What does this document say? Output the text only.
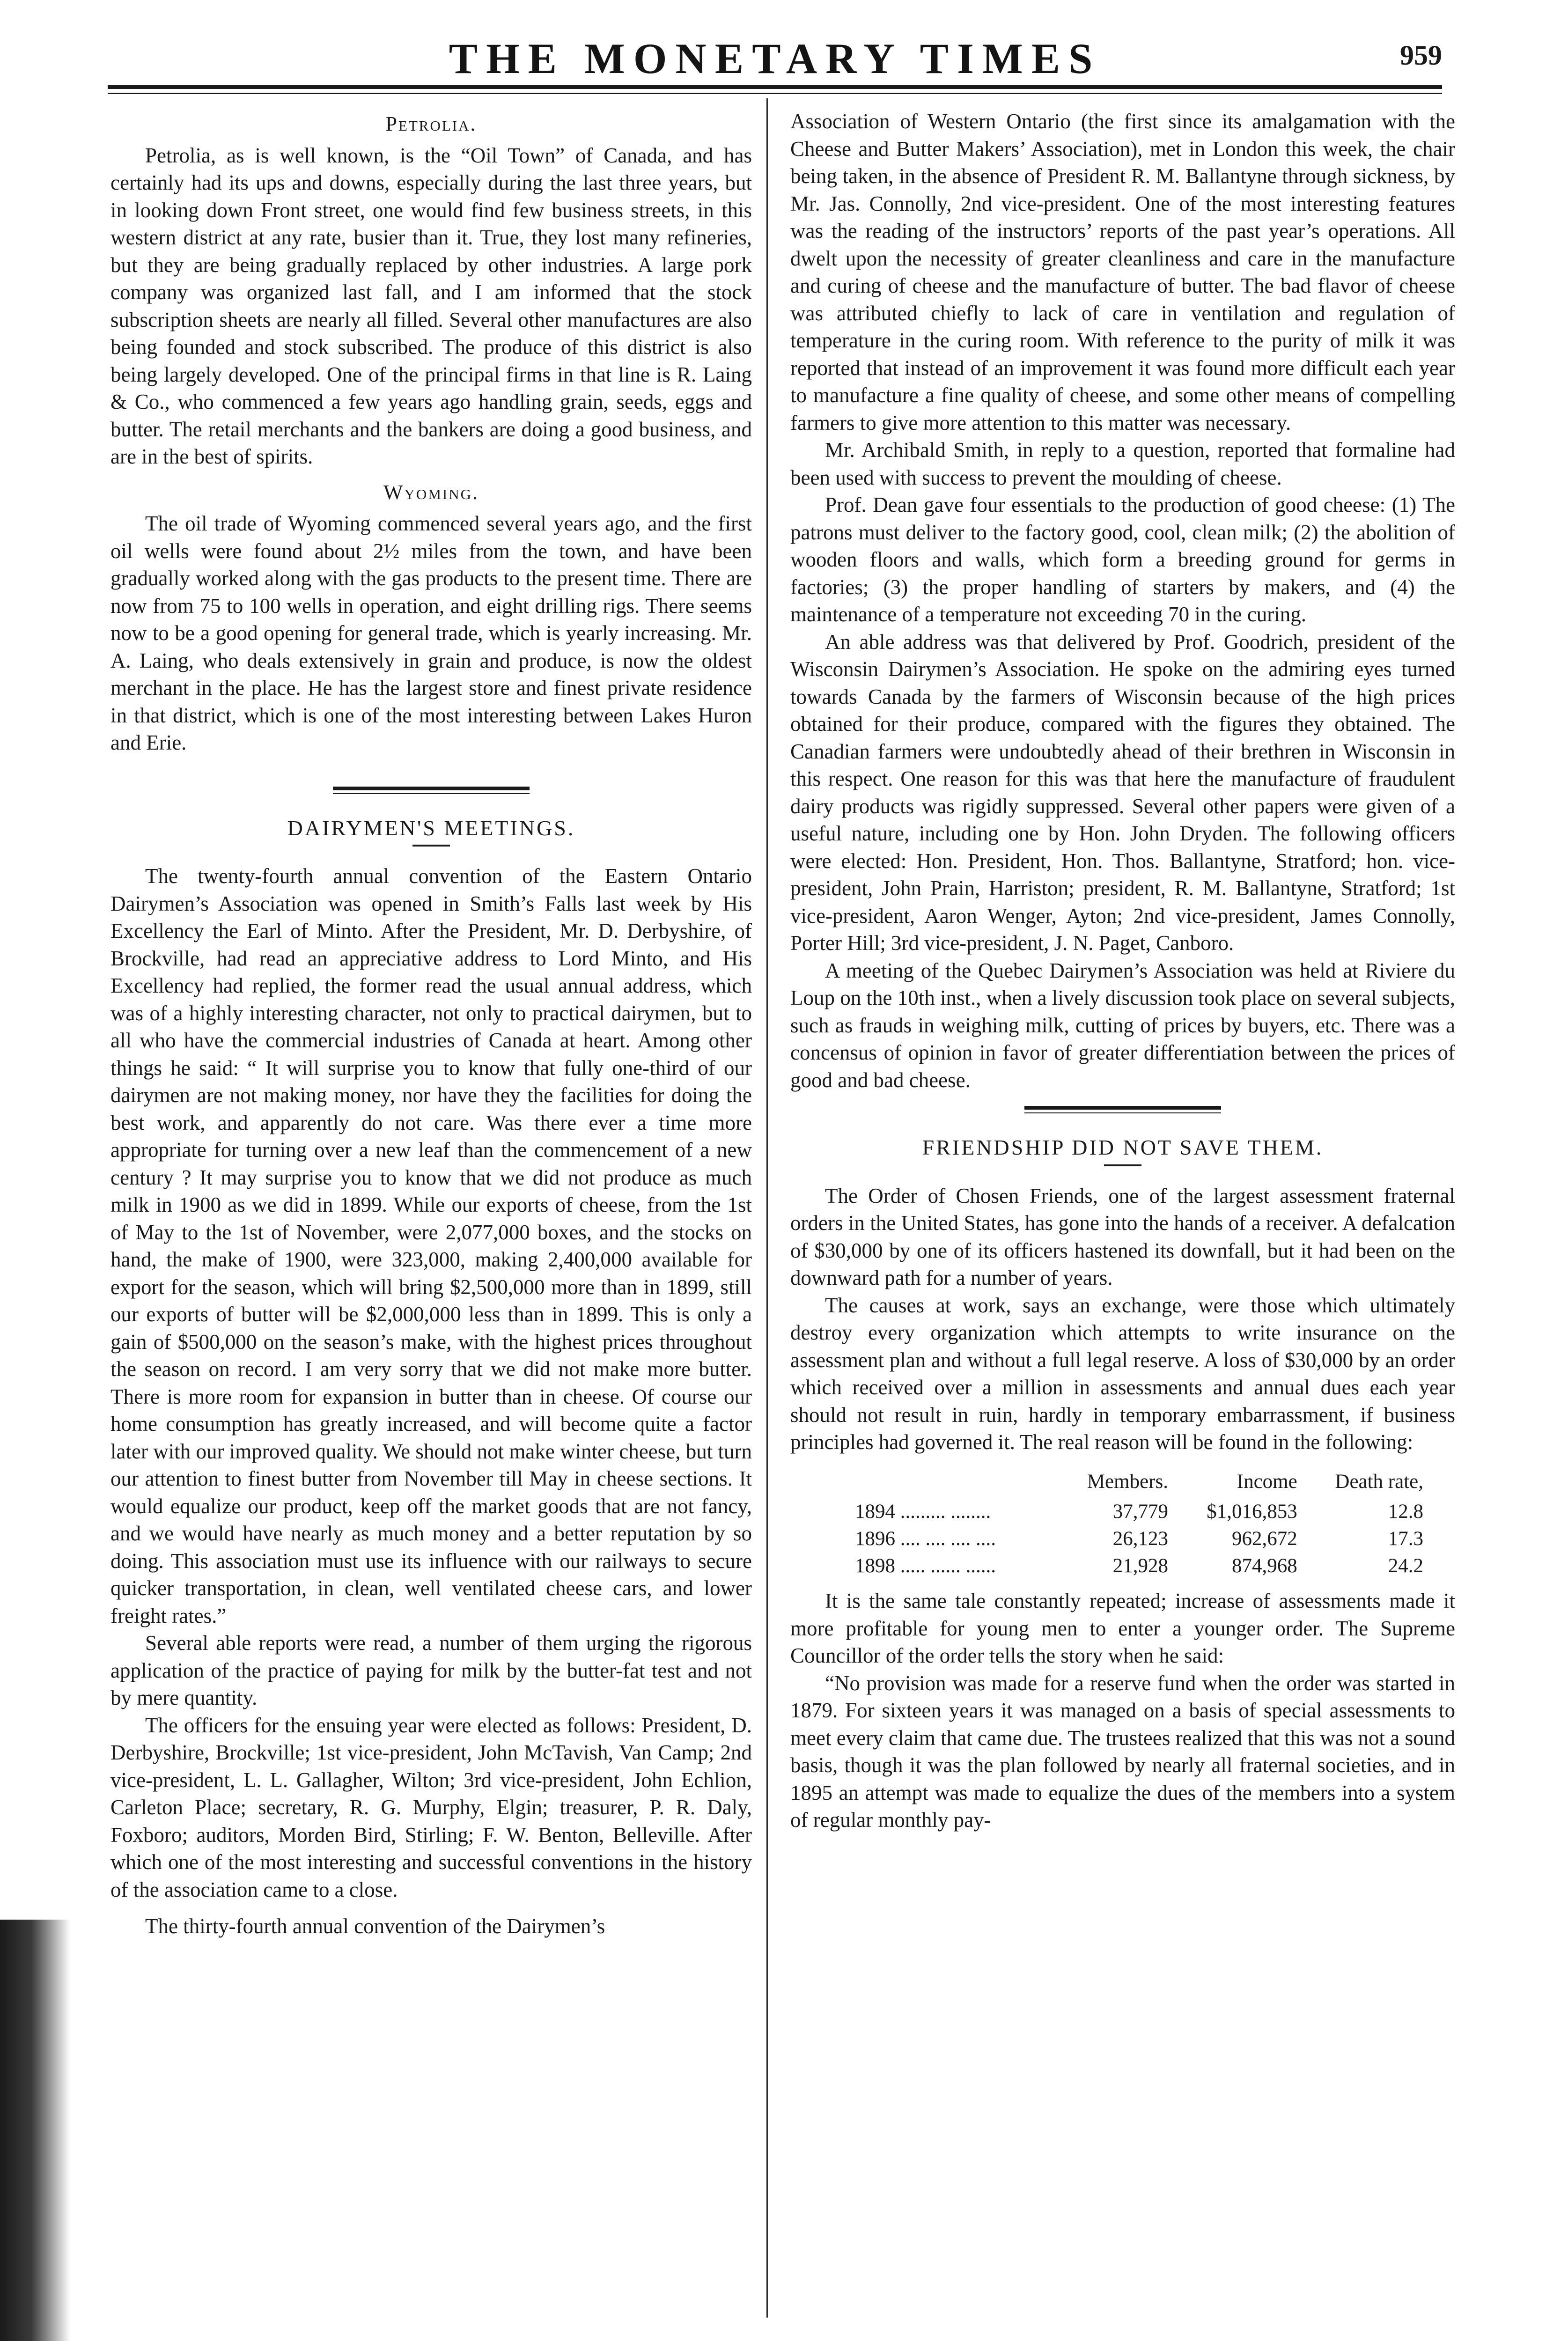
THE MONETARY TIMES	959
Petrolia.

Petrolia, as is well known, is the “Oil Town” of Canada, and has certainly had its ups and downs, especially during the last three years, but in looking down Front street, one would find few business streets, in this western district at any rate, busier than it. True, they lost many refineries, but they are being gradually replaced by other industries. A large pork company was organized last fall, and I am informed that the stock subscription sheets are nearly all filled. Several other manufactures are also being founded and stock subscribed. The produce of this district is also being largely developed. One of the principal firms in that line is R. Laing & Co., who commenced a few years ago handling grain, seeds, eggs and butter. The retail merchants and the bankers are doing a good business, and are in the best of spirits.

Wyoming.

The oil trade of Wyoming commenced several years ago, and the first oil wells were found about 2½ miles from the town, and have been gradually worked along with the gas products to the present time. There are now from 75 to 100 wells in operation, and eight drilling rigs. There seems now to be a good opening for general trade, which is yearly increasing. Mr. A. Laing, who deals extensively in grain and produce, is now the oldest merchant in the place. He has the largest store and finest private residence in that district, which is one of the most interesting between Lakes Huron and Erie.

DAIRYMEN'S MEETINGS.

The twenty-fourth annual convention of the Eastern Ontario Dairymen’s Association was opened in Smith’s Falls last week by His Excellency the Earl of Minto. After the President, Mr. D. Derbyshire, of Brockville, had read an appreciative address to Lord Minto, and His Excellency had replied, the former read the usual annual address, which was of a highly interesting character, not only to practical dairymen, but to all who have the commercial industries of Canada at heart. Among other things he said: “ It will surprise you to know that fully one-third of our dairymen are not making money, nor have they the facilities for doing the best work, and apparently do not care. Was there ever a time more appropriate for turning over a new leaf than the commencement of a new century ? It may surprise you to know that we did not produce as much milk in 1900 as we did in 1899. While our exports of cheese, from the 1st of May to the 1st of November, were 2,077,000 boxes, and the stocks on hand, the make of 1900, were 323,000, making 2,400,000 available for export for the season, which will bring $2,500,000 more than in 1899, still our exports of butter will be $2,000,000 less than in 1899. This is only a gain of $500,000 on the season’s make, with the highest prices throughout the season on record. I am very sorry that we did not make more butter. There is more room for expansion in butter than in cheese. Of course our home consumption has greatly increased, and will become quite a factor later with our improved quality. We should not make winter cheese, but turn our attention to finest butter from November till May in cheese sections. It would equalize our product, keep off the market goods that are not fancy, and we would have nearly as much money and a better reputation by so doing. This association must use its influence with our railways to secure quicker transportation, in clean, well ventilated cheese cars, and lower freight rates.”

Several able reports were read, a number of them urging the rigorous application of the practice of paying for milk by the butter-fat test and not by mere quantity.

The officers for the ensuing year were elected as follows: President, D. Derbyshire, Brockville; 1st vice-president, John McTavish, Van Camp; 2nd vice-president, L. L. Gallagher, Wilton; 3rd vice-president, John Echlion, Carleton Place; secretary, R. G. Murphy, Elgin; treasurer, P. R. Daly, Foxboro; auditors, Morden Bird, Stirling; F. W. Benton, Belleville. After which one of the most interesting and successful conventions in the history of the association came to a close.

The thirty-fourth annual convention of the Dairymen’s

Association of Western Ontario (the first since its amalgamation with the Cheese and Butter Makers’ Association), met in London this week, the chair being taken, in the absence of President R. M. Ballantyne through sickness, by Mr. Jas. Connolly, 2nd vice-president. One of the most interesting features was the reading of the instructors’ reports of the past year’s operations. All dwelt upon the necessity of greater cleanliness and care in the manufacture and curing of cheese and the manufacture of butter. The bad flavor of cheese was attributed chiefly to lack of care in ventilation and regulation of temperature in the curing room. With reference to the purity of milk it was reported that instead of an improvement it was found more difficult each year to manufacture a fine quality of cheese, and some other means of compelling farmers to give more attention to this matter was necessary.

Mr. Archibald Smith, in reply to a question, reported that formaline had been used with success to prevent the moulding of cheese.

Prof. Dean gave four essentials to the production of good cheese: (1) The patrons must deliver to the factory good, cool, clean milk; (2) the abolition of wooden floors and walls, which form a breeding ground for germs in factories; (3) the proper handling of starters by makers, and (4) the maintenance of a temperature not exceeding 70 in the curing.

An able address was that delivered by Prof. Goodrich, president of the Wisconsin Dairymen’s Association. He spoke on the admiring eyes turned towards Canada by the farmers of Wisconsin because of the high prices obtained for their produce, compared with the figures they obtained. The Canadian farmers were undoubtedly ahead of their brethren in Wisconsin in this respect. One reason for this was that here the manufacture of fraudulent dairy products was rigidly suppressed. Several other papers were given of a useful nature, including one by Hon. John Dryden. The following officers were elected: Hon. President, Hon. Thos. Ballantyne, Stratford; hon. vice-president, John Prain, Harriston; president, R. M. Ballantyne, Stratford; 1st vice-president, Aaron Wenger, Ayton; 2nd vice-president, James Connolly, Porter Hill; 3rd vice-president, J. N. Paget, Canboro.

A meeting of the Quebec Dairymen’s Association was held at Riviere du Loup on the 10th inst., when a lively discussion took place on several subjects, such as frauds in weighing milk, cutting of prices by buyers, etc. There was a concensus of opinion in favor of greater differentiation between the prices of good and bad cheese.

FRIENDSHIP DID NOT SAVE THEM.

The Order of Chosen Friends, one of the largest assessment fraternal orders in the United States, has gone into the hands of a receiver. A defalcation of $30,000 by one of its officers hastened its downfall, but it had been on the downward path for a number of years.

The causes at work, says an exchange, were those which ultimately destroy every organization which attempts to write insurance on the assessment plan and without a full legal reserve. A loss of $30,000 by an order which received over a million in assessments and annual dues each year should not result in ruin, hardly in temporary embarrassment, if business principles had governed it. The real reason will be found in the following:

	Members.	Income	Death rate,
1894 ......... ........	37,779	$1,016,853	12.8
1896 .... .... .... ....	26,123	962,672	17.3
1898 ..... ...... ......	21,928	874,968	24.2

It is the same tale constantly repeated; increase of assessments made it more profitable for young men to enter a younger order. The Supreme Councillor of the order tells the story when he said:

“No provision was made for a reserve fund when the order was started in 1879. For sixteen years it was managed on a basis of special assessments to meet every claim that came due. The trustees realized that this was not a sound basis, though it was the plan followed by nearly all fraternal societies, and in 1895 an attempt was made to equalize the dues of the members into a system of regular monthly pay-
